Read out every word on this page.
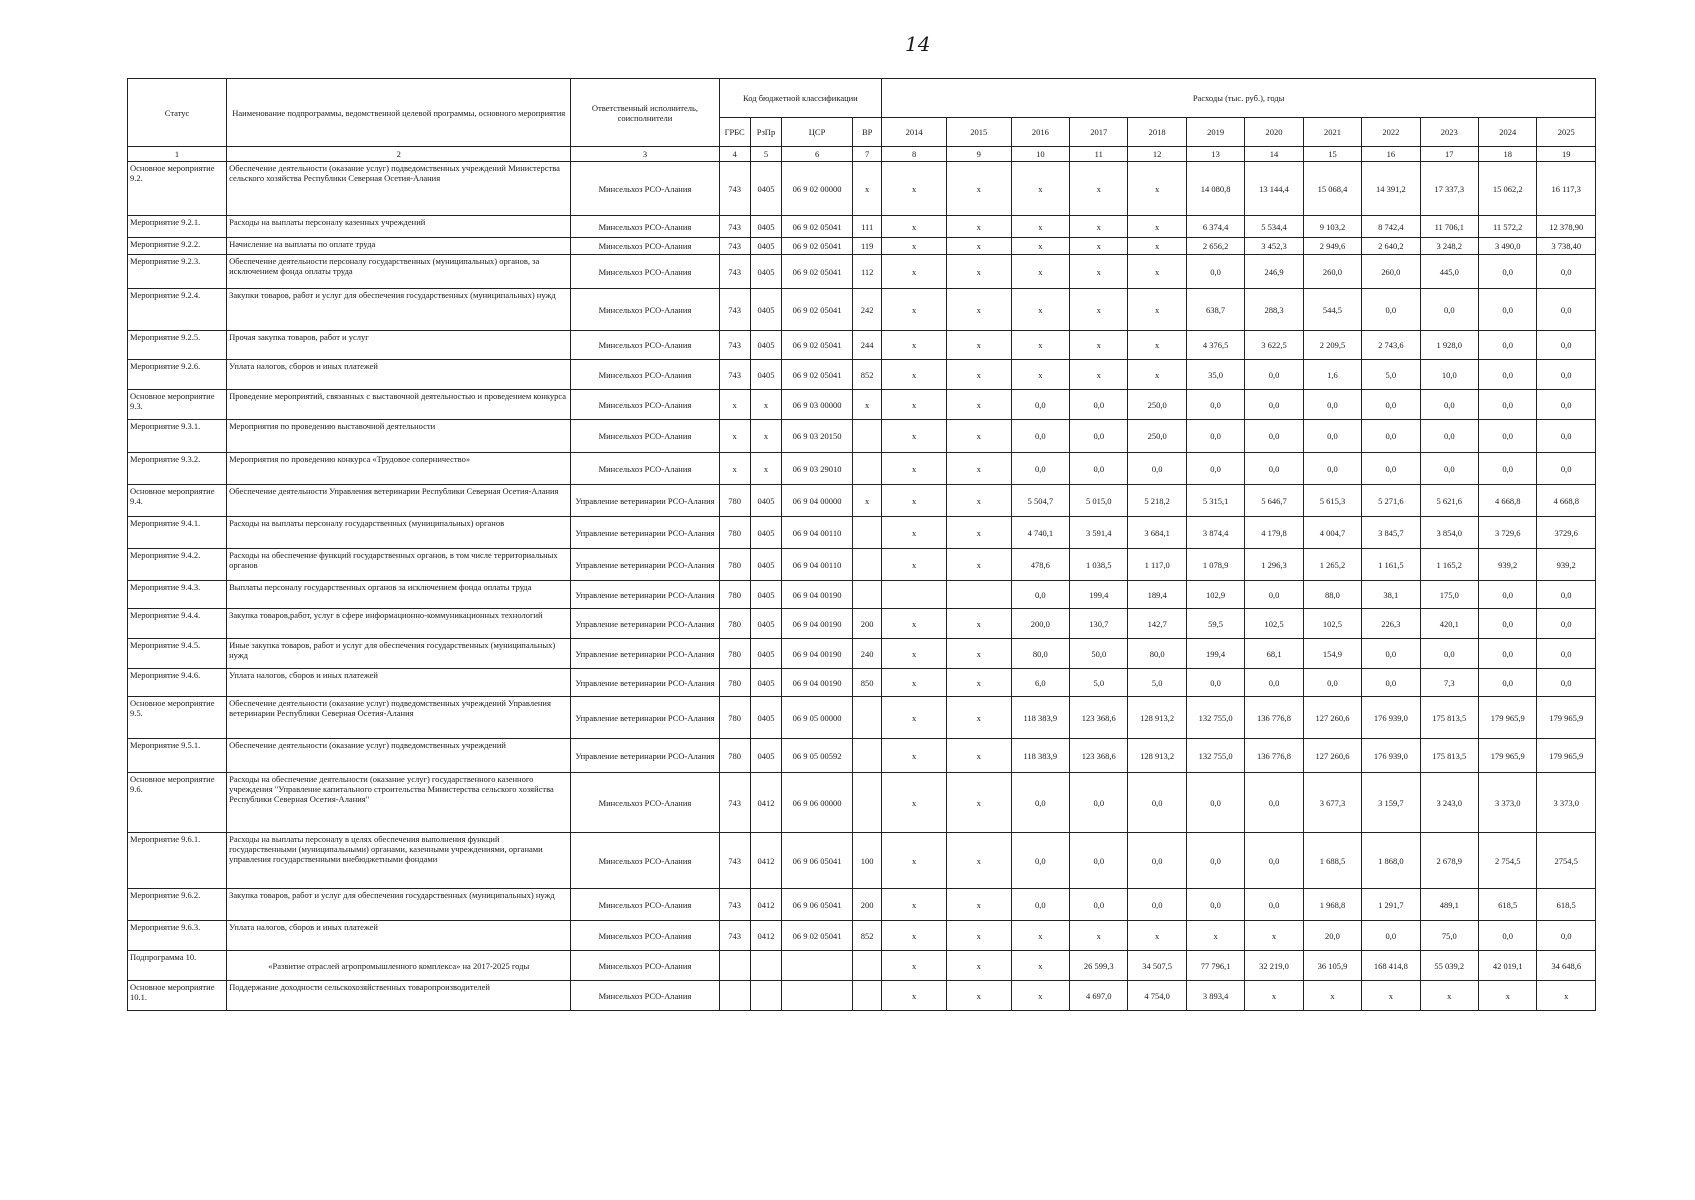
14
Статус	Наименование подпрограммы, ведомственной целевой программы, основного мероприятия	Ответственный исполнитель, соисполнители	Код бюджетной классификации				Расходы (тыс. руб.), годы											
			ГРБС	РзПр	ЦСР	ВР	2014	2015	2016	2017	2018	2019	2020	2021	2022	2023	2024	2025
1	2	3	4	5	6	7	8	9	10	11	12	13	14	15	16	17	18	19
Основное мероприятие 9.2.	Обеспечение деятельности (оказание услуг) подведомственных учреждений Министерства сельского хозяйства Республики Северная Осетия-Алания	Минсельхоз РСО-Алания	743	0405	06 9 02 00000	х	х	х	х	х	х	14 080,8	13 144,4	15 068,4	14 391,2	17 337,3	15 062,2	16 117,3
Мероприятие 9.2.1.	Расходы на выплаты персоналу казенных учреждений	Минсельхоз РСО-Алания	743	0405	06 9 02 05041	111	х	х	х	х	х	6 374,4	5 534,4	9 103,2	8 742,4	11 706,1	11 572,2	12 378,90
Мероприятие 9.2.2.	Начисление на выплаты по оплате труда	Минсельхоз РСО-Алания	743	0405	06 9 02 05041	119	х	х	х	х	х	2 656,2	3 452,3	2 949,6	2 640,2	3 248,2	3 490,0	3 738,40
Мероприятие 9.2.3.	Обеспечение деятельности персоналу государственных (муниципальных) органов, за исключением фонда оплаты труда	Минсельхоз РСО-Алания	743	0405	06 9 02 05041	112	х	х	х	х	х	0,0	246,9	260,0	260,0	445,0	0,0	0,0
Мероприятие 9.2.4.	Закупки товаров, работ и услуг для обеспечения государственных (муниципальных) нужд	Минсельхоз РСО-Алания	743	0405	06 9 02 05041	242	х	х	х	х	х	638,7	288,3	544,5	0,0	0,0	0,0	0,0
Мероприятие 9.2.5.	Прочая закупка товаров, работ и услуг	Минсельхоз РСО-Алания	743	0405	06 9 02 05041	244	х	х	х	х	х	4 376,5	3 622,5	2 209,5	2 743,6	1 928,0	0,0	0,0
Мероприятие 9.2.6.	Уплата налогов, сборов и иных платежей	Минсельхоз РСО-Алания	743	0405	06 9 02 05041	852	х	х	х	х	х	35,0	0,0	1,6	5,0	10,0	0,0	0,0
Основное мероприятие 9.3.	Проведение мероприятий, связанных с выставочной деятельностью и проведением конкурса	Минсельхоз РСО-Алания	х	х	06 9 03 00000	х	х	х	0,0	0,0	250,0	0,0	0,0	0,0	0,0	0,0	0,0	0,0
Мероприятие 9.3.1.	Мероприятия по проведению выставочной деятельности	Минсельхоз РСО-Алания	х	х	06 9 03 20150		х	х	0,0	0,0	250,0	0,0	0,0	0,0	0,0	0,0	0,0	0,0
Мероприятие 9.3.2.	Мероприятия по проведению конкурса «Трудовое соперничество»	Минсельхоз РСО-Алания	х	х	06 9 03 29010		х	х	0,0	0,0	0,0	0,0	0,0	0,0	0,0	0,0	0,0	0,0
Основное мероприятие 9.4.	Обеспечение деятельности Управления ветеринарии Республики Северная Осетия-Алания	Управление ветеринарии РСО-Алания	780	0405	06 9 04 00000	х	х	х	5 504,7	5 015,0	5 218,2	5 315,1	5 646,7	5 615,3	5 271,6	5 621,6	4 668,8	4 668,8
Мероприятие 9.4.1.	Расходы на выплаты персоналу государственных (муниципальных) органов	Управление ветеринарии РСО-Алания	780	0405	06 9 04 00110		х	х	4 740,1	3 591,4	3 684,1	3 874,4	4 179,8	4 004,7	3 845,7	3 854,0	3 729,6	3729,6
Мероприятие 9.4.2.	Расходы на обеспечение функций государственных органов, в том числе территориальных органов	Управление ветеринарии РСО-Алания	780	0405	06 9 04 00110		х	х	478,6	1 038,5	1 117,0	1 078,9	1 296,3	1 265,2	1 161,5	1 165,2	939,2	939,2
Мероприятие 9.4.3.	Выплаты персоналу государственных органов за исключением фонда оплаты труда	Управление ветеринарии РСО-Алания	780	0405	06 9 04 00190				0,0	199,4	189,4	102,9	0,0	88,0	38,1	175,0	0,0	0,0
Мероприятие 9.4.4.	Закупка товаров,работ, услуг в сфере информационно-коммуникационных технологий	Управление ветеринарии РСО-Алания	780	0405	06 9 04 00190	200	х	х	200,0	130,7	142,7	59,5	102,5	102,5	226,3	420,1	0,0	0,0
Мероприятие 9.4.5.	Иные закупка товаров, работ и услуг для обеспечения государственных (муниципальных) нужд	Управление ветеринарии РСО-Алания	780	0405	06 9 04 00190	240	х	х	80,0	50,0	80,0	199,4	68,1	154,9	0,0	0,0	0,0	0,0
Мероприятие 9.4.6.	Уплата налогов, сборов и иных платежей	Управление ветеринарии РСО-Алания	780	0405	06 9 04 00190	850	х	х	6,0	5,0	5,0	0,0	0,0	0,0	0,0	7,3	0,0	0,0
Основное мероприятие 9.5.	Обеспечение деятельности (оказание услуг) подведомственных учреждений Управления ветеринарии Республики Северная Осетия-Алания	Управление ветеринарии РСО-Алания	780	0405	06 9 05 00000		х	х	118 383,9	123 368,6	128 913,2	132 755,0	136 776,8	127 260,6	176 939,0	175 813,5	179 965,9	179 965,9
Мероприятие 9.5.1.	Обеспечение деятельности (оказание услуг) подведомственных учреждений	Управление ветеринарии РСО-Алания	780	0405	06 9 05 00592		х	х	118 383,9	123 368,6	128 913,2	132 755,0	136 776,8	127 260,6	176 939,0	175 813,5	179 965,9	179 965,9
Основное мероприятие 9.6.	Расходы на обеспечение деятельности (оказание услуг) государственного казенного учреждения "Управление капитального строительства Министерства сельского хозяйства Республики Северная Осетия-Алания"	Минсельхоз РСО-Алания	743	0412	06 9 06 00000		х	х	0,0	0,0	0,0	0,0	0,0	3 677,3	3 159,7	3 243,0	3 373,0	3 373,0
Мероприятие 9.6.1.	Расходы на выплаты персоналу в целях обеспечения выполнения функций государственными (муниципальными) органами, казенными учреждениями, органами управления государственными внебюджетными фондами	Минсельхоз РСО-Алания	743	0412	06 9 06 05041	100	х	х	0,0	0,0	0,0	0,0	0,0	1 688,5	1 868,0	2 678,9	2 754,5	2754,5
Мероприятие 9.6.2.	Закупка товаров, работ и услуг для обеспечения государственных (муниципальных) нужд	Минсельхоз РСО-Алания	743	0412	06 9 06 05041	200	х	х	0,0	0,0	0,0	0,0	0,0	1 968,8	1 291,7	489,1	618,5	618,5
Мероприятие 9.6.3.	Уплата налогов, сборов и иных платежей	Минсельхоз РСО-Алания	743	0412	06 9 02 05041	852	х	х	х	х	х	х	х	20,0	0,0	75,0	0,0	0,0
Подпрограмма 10.	«Развитие отраслей агропромышленного комплекса» на 2017-2025 годы	Минсельхоз РСО-Алания					х	х	х	26 599,3	34 507,5	77 796,1	32 219,0	36 105,9	168 414,8	55 039,2	42 019,1	34 648,6
Основное мероприятие 10.1.	Поддержание доходности сельскохозяйственных товаропроизводителей	Минсельхоз РСО-Алания					х	х	х	4 697,0	4 754,0	3 893,4	х	х	х	х	х	х
